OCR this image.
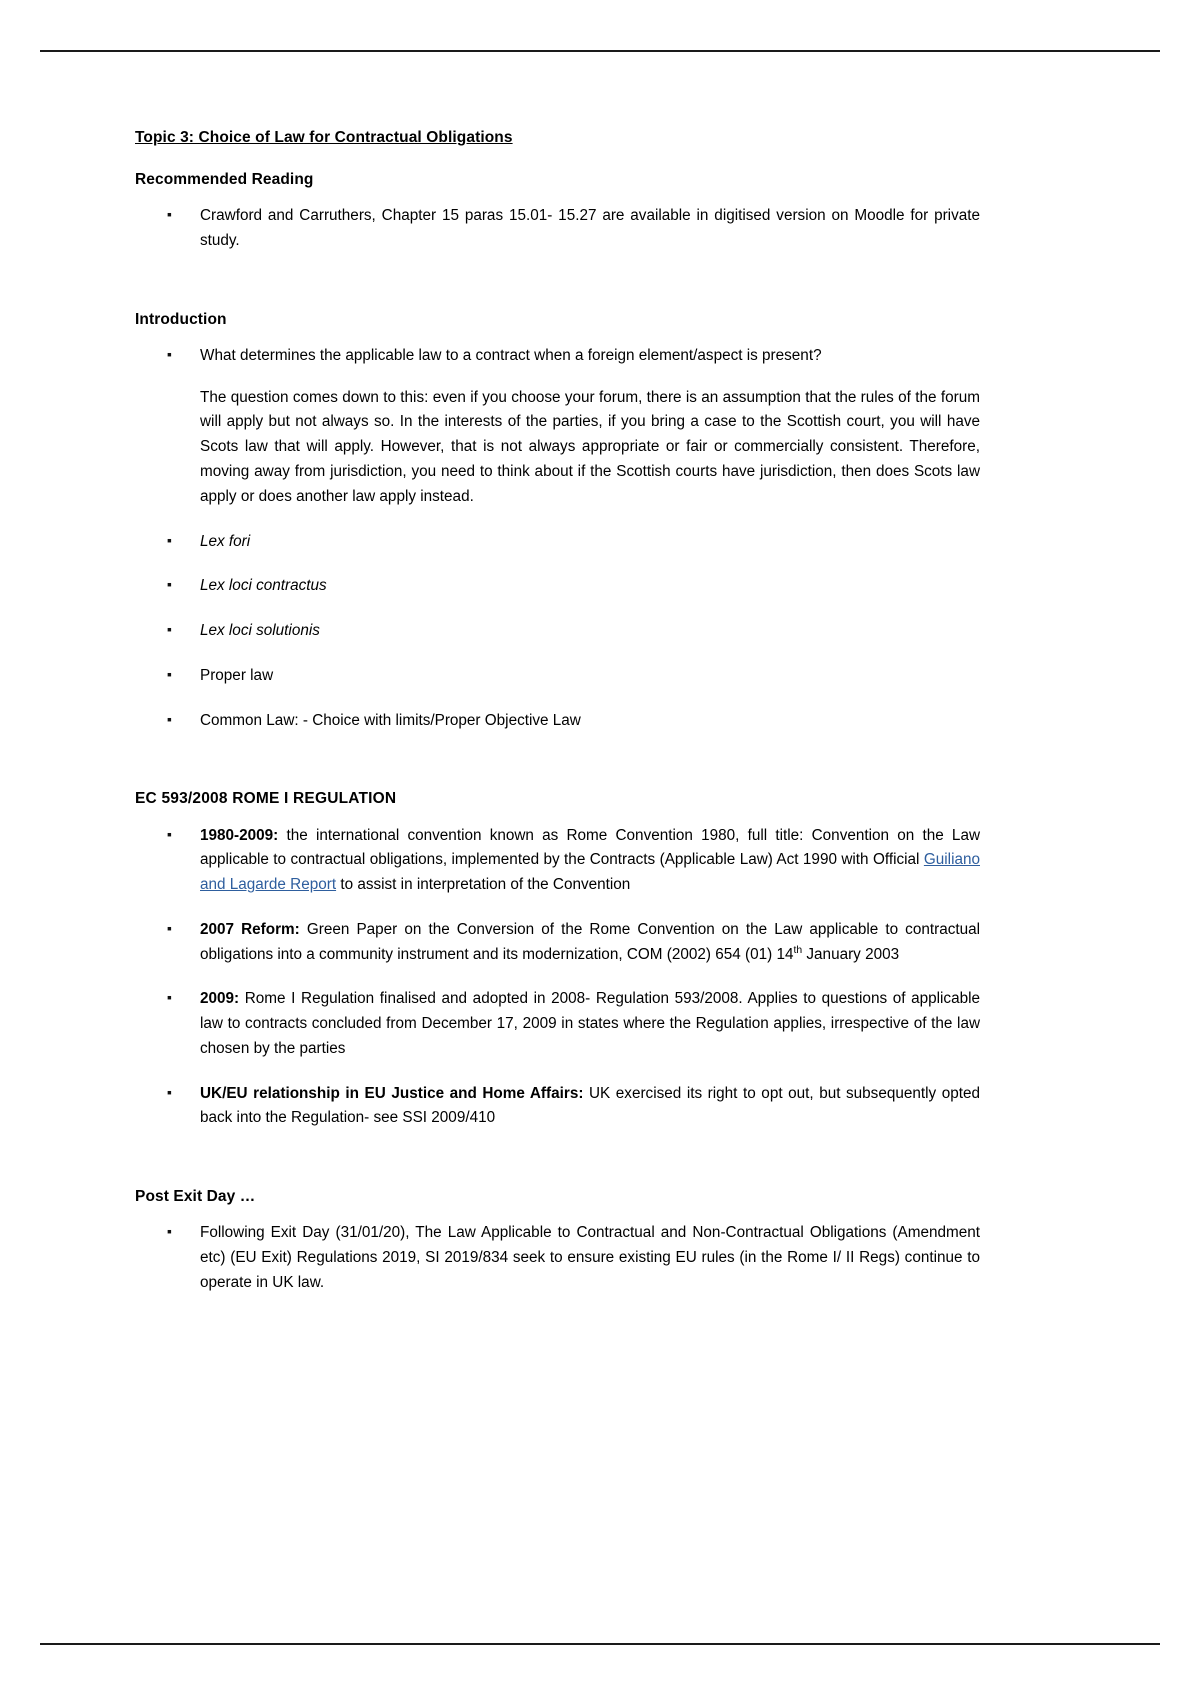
Topic 3: Choice of Law for Contractual Obligations
Recommended Reading
▪ Crawford and Carruthers, Chapter 15 paras 15.01- 15.27 are available in digitised version on Moodle for private study.
Introduction
▪ What determines the applicable law to a contract when a foreign element/aspect is present?
The question comes down to this: even if you choose your forum, there is an assumption that the rules of the forum will apply but not always so. In the interests of the parties, if you bring a case to the Scottish court, you will have Scots law that will apply. However, that is not always appropriate or fair or commercially consistent. Therefore, moving away from jurisdiction, you need to think about if the Scottish courts have jurisdiction, then does Scots law apply or does another law apply instead.
▪ Lex fori
▪ Lex loci contractus
▪ Lex loci solutionis
▪ Proper law
▪ Common Law: - Choice with limits/Proper Objective Law
EC 593/2008 ROME I REGULATION
▪ 1980-2009: the international convention known as Rome Convention 1980, full title: Convention on the Law applicable to contractual obligations, implemented by the Contracts (Applicable Law) Act 1990 with Official Guiliano and Lagarde Report to assist in interpretation of the Convention
▪ 2007 Reform: Green Paper on the Conversion of the Rome Convention on the Law applicable to contractual obligations into a community instrument and its modernization, COM (2002) 654 (01) 14th January 2003
▪ 2009: Rome I Regulation finalised and adopted in 2008- Regulation 593/2008. Applies to questions of applicable law to contracts concluded from December 17, 2009 in states where the Regulation applies, irrespective of the law chosen by the parties
▪ UK/EU relationship in EU Justice and Home Affairs: UK exercised its right to opt out, but subsequently opted back into the Regulation- see SSI 2009/410
Post Exit Day …
▪ Following Exit Day (31/01/20), The Law Applicable to Contractual and Non-Contractual Obligations (Amendment etc) (EU Exit) Regulations 2019, SI 2019/834 seek to ensure existing EU rules (in the Rome I/ II Regs) continue to operate in UK law.
